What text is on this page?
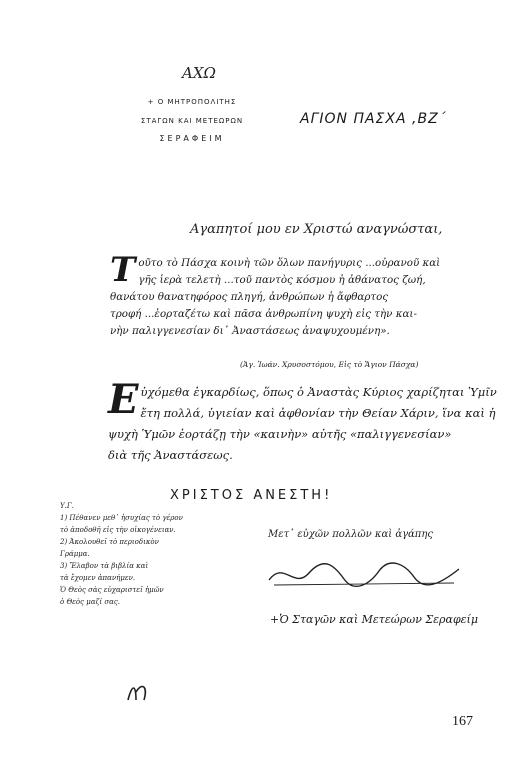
ΑΧΩ
+ Ο ΜΗΤΡΟΠΟΛΙΤΗΣ
ΣΤΑΓΩΝ ΚΑΙ ΜΕΤΕΩΡΩΝ
ΣΕΡΑΦΕΙΜ
ΑΓΙΟΝ ΠΑΣΧΑ ,ΒΖ΄
Αγαπητοί μου εν Χριστώ αναγνώσται,
Τ οῦτο τὸ Πάσχα κοινὴ τῶν ὅλων πανήγυρις ...οὐρανοῦ καὶ
γῆς ἱερὰ τελετὴ ...τοῦ παντὸς κόσμου ἡ ἀθάνατος ζωή,
θανάτου θανατηφόρος πληγή, ἀνθρώπων ἡ ἄφθαρτος
τροφή ...ἑορταζέτω καὶ πᾶσα ἀνθρωπίνη ψυχὴ εἰς τὴν και-
νὴν παλιγγενεσίαν δι᾿ Ἀναστάσεως ἀναψυχουμένη».
(Ἁγ. Ἰωάν. Χρυσοστόμου, Εἰς τὸ Ἅγιον Πάσχα)
Ε ὐχόμεθα ἐγκαρδίως, ὅπως ὁ Ἀναστὰς Κύριος χαρίζηται Ὑμῖν
ἔτη πολλά, ὑγιείαν καὶ ἀφθονίαν τὴν Θείαν Χάριν, ἵνα καὶ ἡ
ψυχὴ Ὑμῶν ἑορτάζῃ τὴν «καινὴν» αὐτῆς «παλιγγενεσίαν»
διὰ τῆς Ἀναστάσεως.
ΧΡΙΣΤΟΣ ΑΝΕΣΤΗ!
Υ.Γ.
1) Πέθανεν μεθ᾿ ἡσυχίας τὸ γέρον
τὸ ἀποδοθῆ εἰς τὴν οἰκογένειαν.
2) Ἀκολουθεῖ τὸ περιοδικὸν
Γράμμα.
3) Ἔλαβον τὰ βιβλία καὶ
τὰ ἔχομεν ἀπανήμεν.
Ὁ Θεὸς σὰς εὐχαριστεῖ ἡμῶν
ὁ Θεὸς μαζί σας.
Μετ᾿ εὐχῶν πολλῶν καὶ ἀγάπης
+Ὁ Σταγῶν καὶ Μετεώρων Σεραφείμ
167
